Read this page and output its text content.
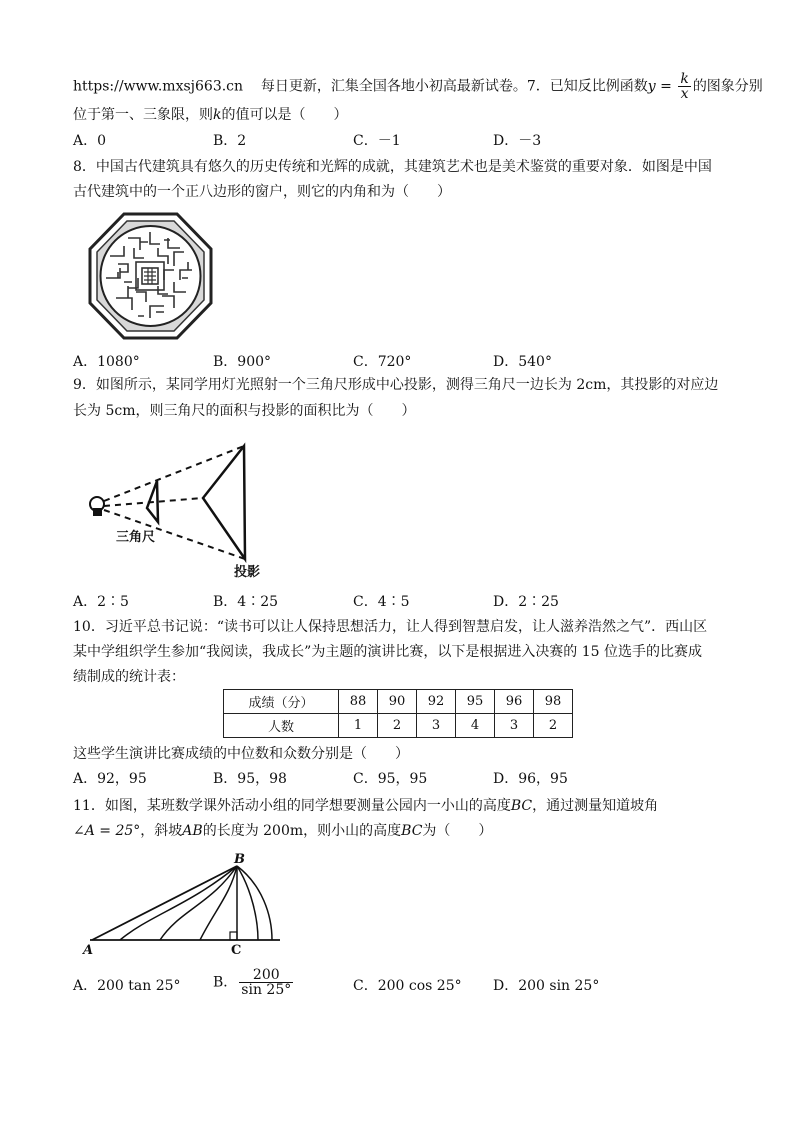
https://www.mxsj663.cn 每日更新，汇集全国各地小初高最新试卷。7．已知反比例函数$y = \frac{k}{x}$ 的图象分别
位于第一、三象限，则k的值可以是（　　）
A．0	B．2	C．－1	D．－3
8．中国古代建筑具有悠久的历史传统和光辉的成就，其建筑艺术也是美术鉴赏的重要对象．如图是中国
古代建筑中的一个正八边形的窗户，则它的内角和为（　　）
A．1080°	B．900°	C．720°	D．540°
9．如图所示，某同学用灯光照射一个三角尺形成中心投影，测得三角尺一边长为 2cm，其投影的对应边
长为 5cm，则三角尺的面积与投影的面积比为（　　）
三角尺
投影
A．2∶5	B．4∶25	C．4∶5	D．2∶25
10．习近平总书记说：“读书可以让人保持思想活力，让人得到智慧启发，让人滋养浩然之气”．西山区
某中学组织学生参加“我阅读，我成长”为主题的演讲比赛，以下是根据进入决赛的 15 位选手的比赛成
绩制成的统计表：
成绩（分）	88	90	92	95	96	98
人数	1	2	3	4	3	2
这些学生演讲比赛成绩的中位数和众数分别是（　　）
A．92，95	B．95，98	C．95，95	D．96，95
11．如图，某班数学课外活动小组的同学想要测量公园内一小山的高度BC，通过测量知道坡角
∠A = 25°，斜坡AB的长度为 200m，则小山的高度BC为（　　）
A
B
C
A．200 tan 25° B． $\frac{200}{\sin 25^\circ}$	C．200 cos 25° D．200 sin 25°
